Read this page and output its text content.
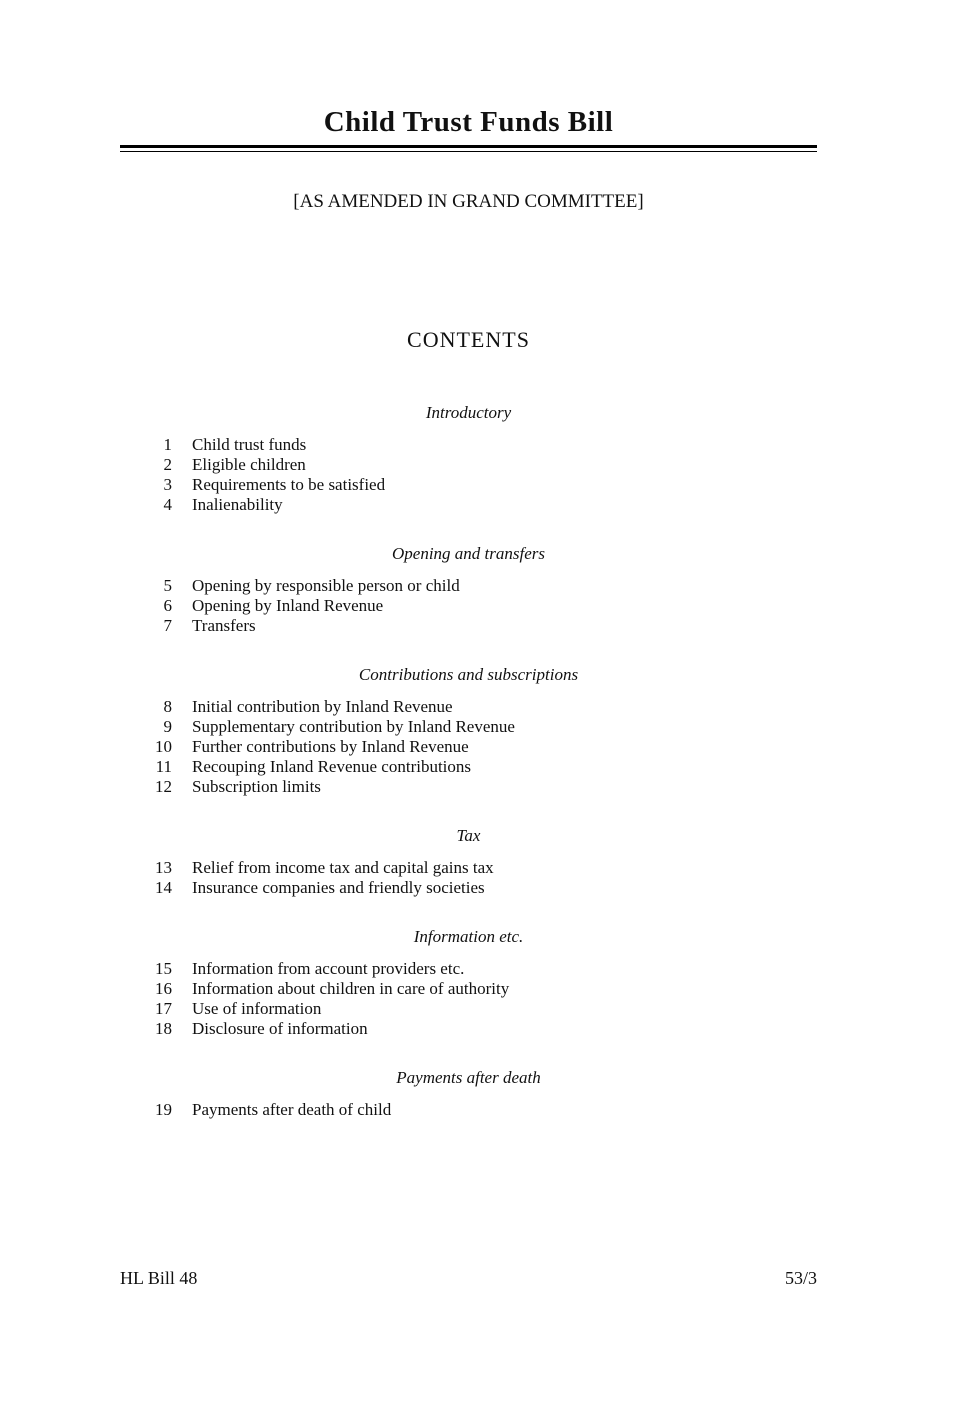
Child Trust Funds Bill
[AS AMENDED IN GRAND COMMITTEE]
CONTENTS
Introductory
1	Child trust funds
2	Eligible children
3	Requirements to be satisfied
4	Inalienability
Opening and transfers
5	Opening by responsible person or child
6	Opening by Inland Revenue
7	Transfers
Contributions and subscriptions
8	Initial contribution by Inland Revenue
9	Supplementary contribution by Inland Revenue
10	Further contributions by Inland Revenue
11	Recouping Inland Revenue contributions
12	Subscription limits
Tax
13	Relief from income tax and capital gains tax
14	Insurance companies and friendly societies
Information etc.
15	Information from account providers etc.
16	Information about children in care of authority
17	Use of information
18	Disclosure of information
Payments after death
19	Payments after death of child
HL Bill 48	53/3
